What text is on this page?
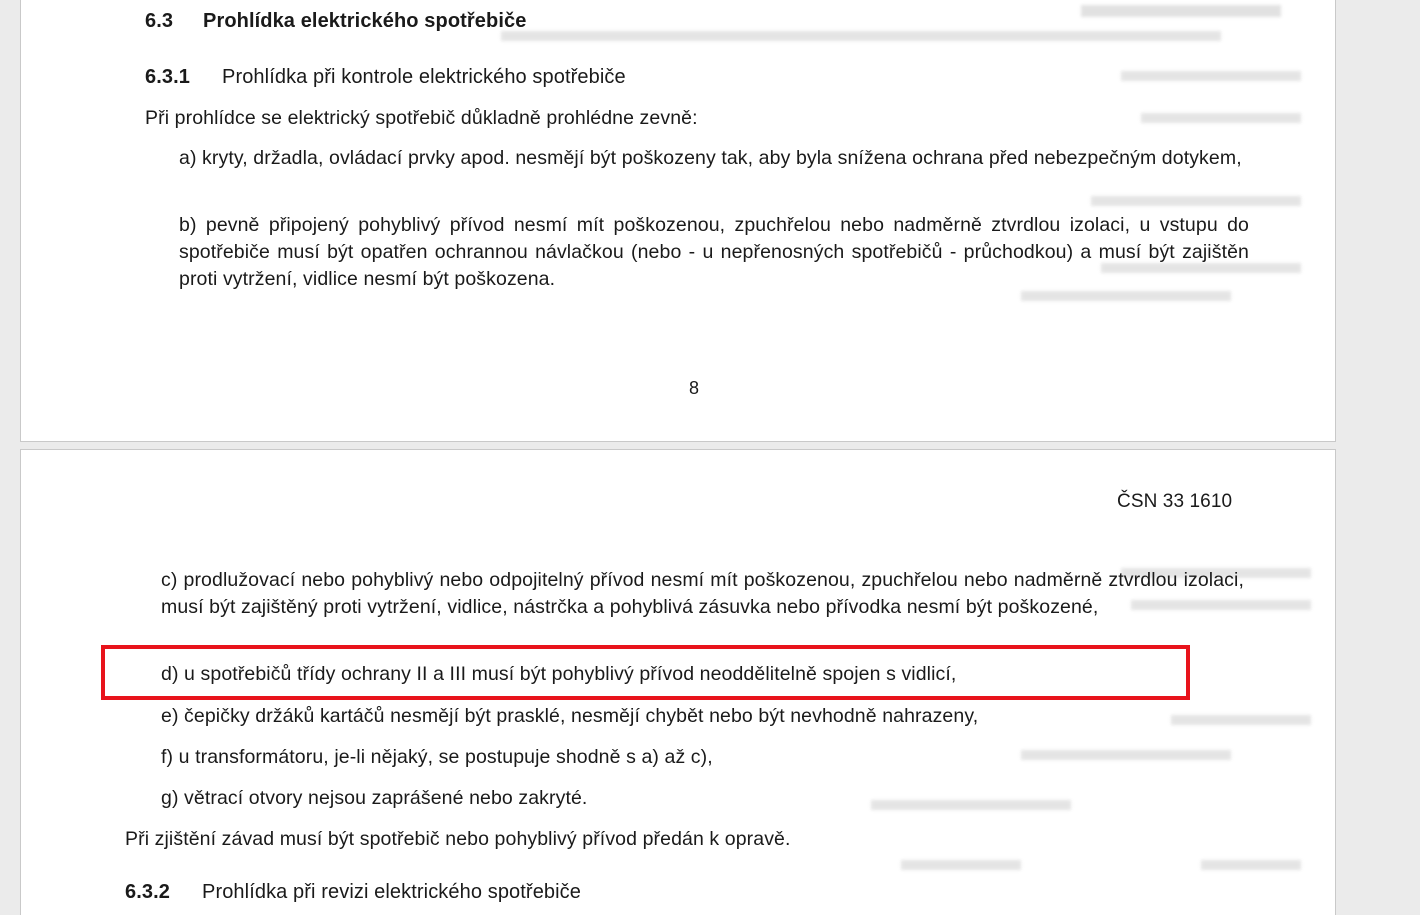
6.3 Prohlídka elektrického spotřebiče
6.3.1 Prohlídka při kontrole elektrického spotřebiče
Při prohlídce se elektrický spotřebič důkladně prohlédne zevně:
a) kryty, držadla, ovládací prvky apod. nesmějí být poškozeny tak, aby byla snížena ochrana před nebezpečným dotykem,
b) pevně připojený pohyblivý přívod nesmí mít poškozenou, zpuchřelou nebo nadměrně ztvrdlou izolaci, u vstupu do spotřebiče musí být opatřen ochrannou návlačkou (nebo - u nepřenosných spotřebičů - průchodkou) a musí být zajištěn proti vytržení, vidlice nesmí být poškozena.
8
ČSN 33 1610
c) prodlužovací nebo pohyblivý nebo odpojitelný přívod nesmí mít poškozenou, zpuchřelou nebo nadměrně ztvrdlou izolaci, musí být zajištěný proti vytržení, vidlice, nástrčka a pohyblivá zásuvka nebo přívodka nesmí být poškozené,
d) u spotřebičů třídy ochrany II a III musí být pohyblivý přívod neoddělitelně spojen s vidlicí,
e) čepičky držáků kartáčů nesmějí být prasklé, nesmějí chybět nebo být nevhodně nahrazeny,
f) u transformátoru, je-li nějaký, se postupuje shodně s a) až c),
g) větrací otvory nejsou zaprášené nebo zakryté.
Při zjištění závad musí být spotřebič nebo pohyblivý přívod předán k opravě.
6.3.2 Prohlídka při revizi elektrického spotřebiče
